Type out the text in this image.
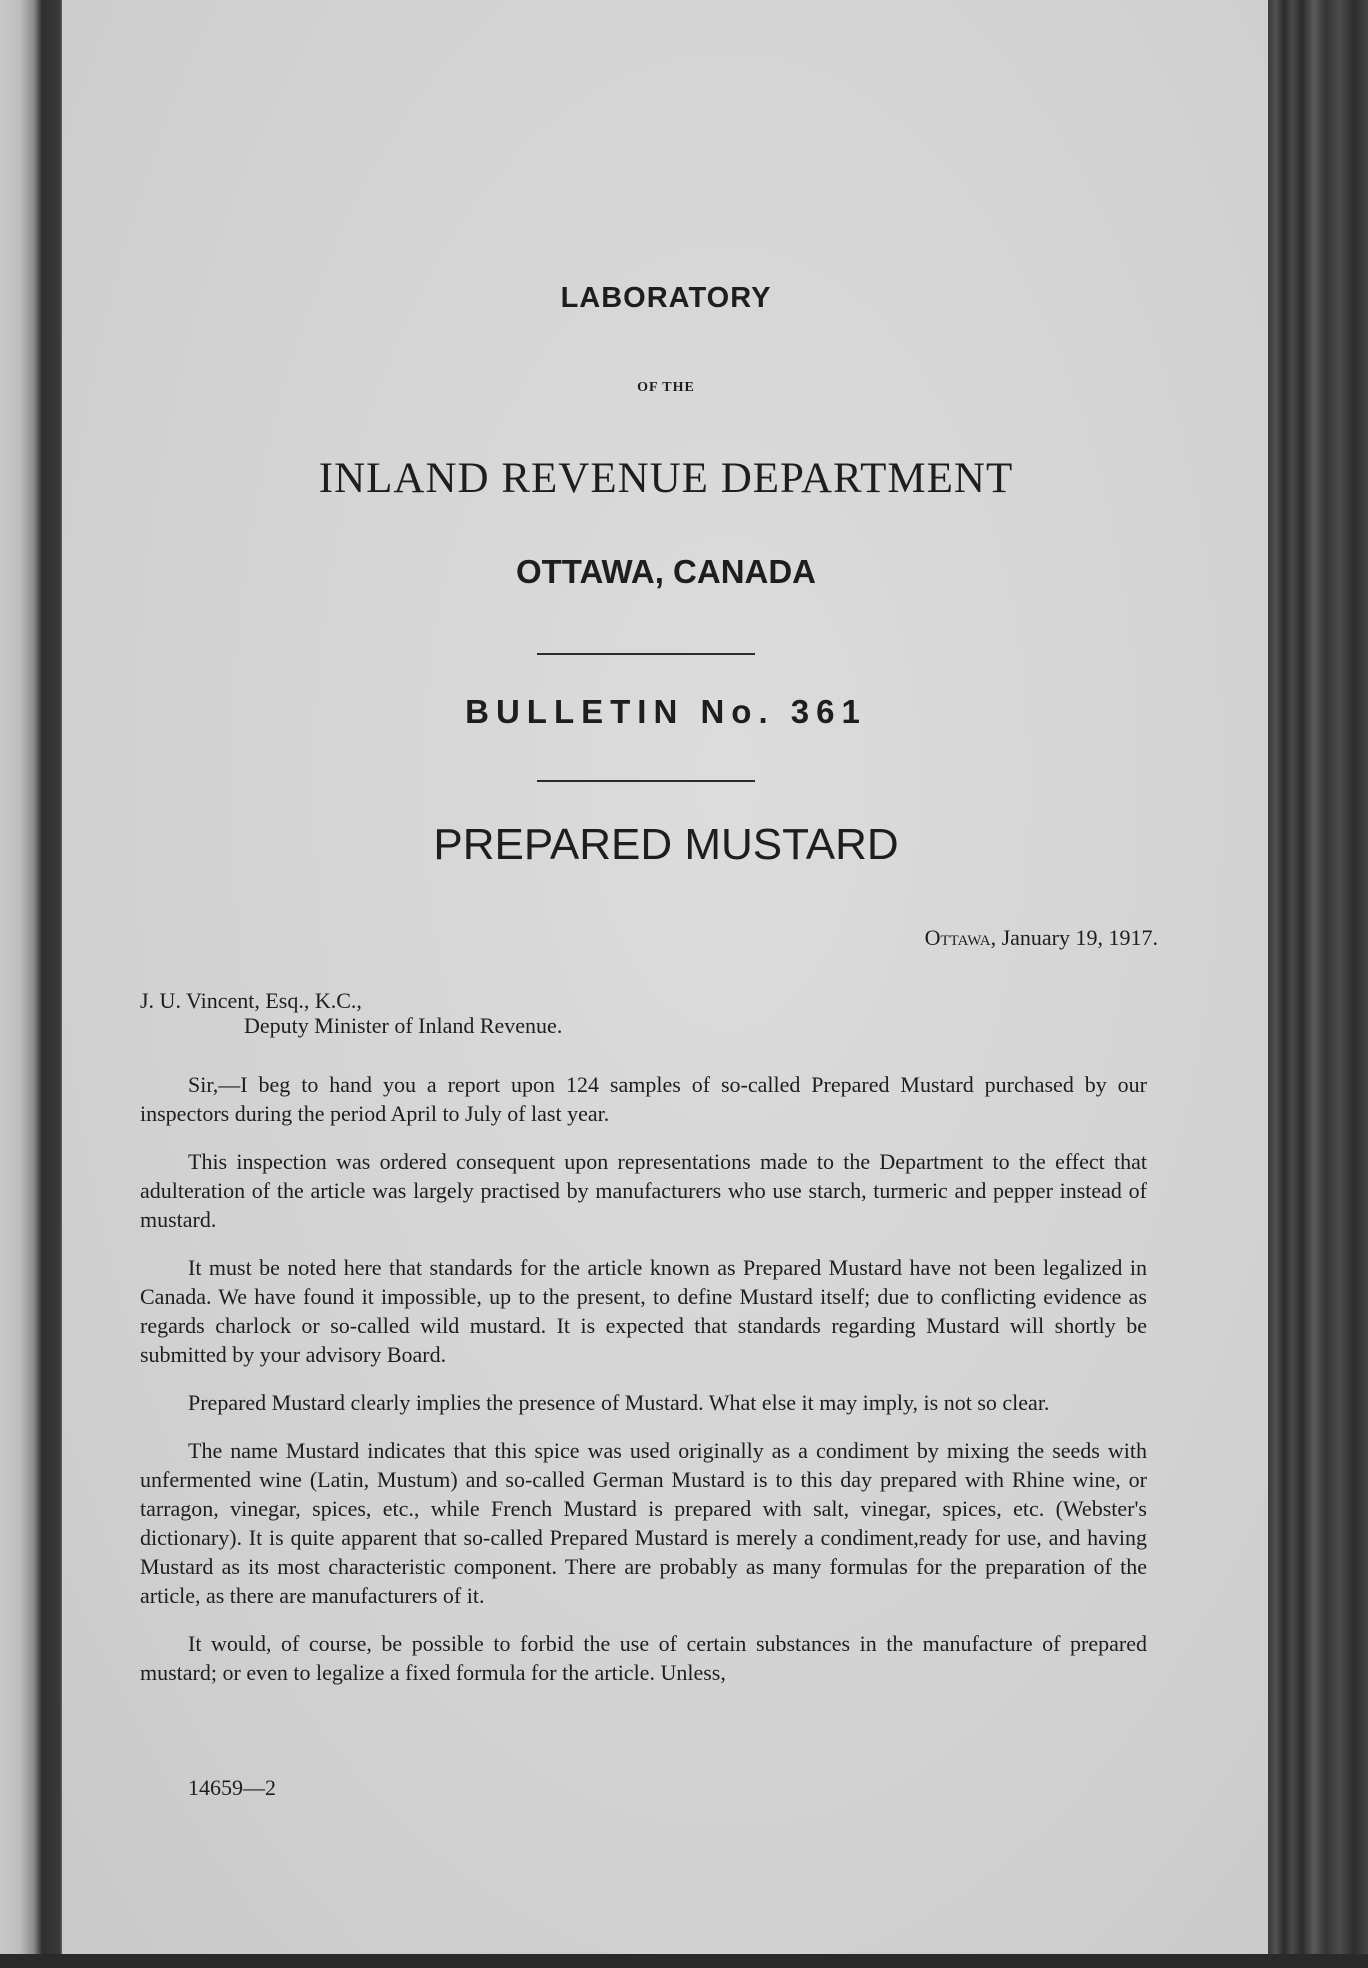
LABORATORY
OF THE
INLAND REVENUE DEPARTMENT
OTTAWA, CANADA
BULLETIN No. 361
PREPARED MUSTARD
Ottawa, January 19, 1917.
J. U. Vincent, Esq., K.C.,
Deputy Minister of Inland Revenue.

Sir,—I beg to hand you a report upon 124 samples of so-called Prepared Mustard purchased by our inspectors during the period April to July of last year.

This inspection was ordered consequent upon representations made to the Department to the effect that adulteration of the article was largely practised by manufacturers who use starch, turmeric and pepper instead of mustard.

It must be noted here that standards for the article known as Prepared Mustard have not been legalized in Canada. We have found it impossible, up to the present, to define Mustard itself; due to conflicting evidence as regards charlock or so-called wild mustard. It is expected that standards regarding Mustard will shortly be submitted by your advisory Board.

Prepared Mustard clearly implies the presence of Mustard. What else it may imply, is not so clear.

The name Mustard indicates that this spice was used originally as a condiment by mixing the seeds with unfermented wine (Latin, Mustum) and so-called German Mustard is to this day prepared with Rhine wine, or tarragon, vinegar, spices, etc., while French Mustard is prepared with salt, vinegar, spices, etc. (Webster's dictionary). It is quite apparent that so-called Prepared Mustard is merely a condiment,ready for use, and having Mustard as its most characteristic component. There are probably as many formulas for the preparation of the article, as there are manufacturers of it.

It would, of course, be possible to forbid the use of certain substances in the manufacture of prepared mustard; or even to legalize a fixed formula for the article. Unless,

14659—2
